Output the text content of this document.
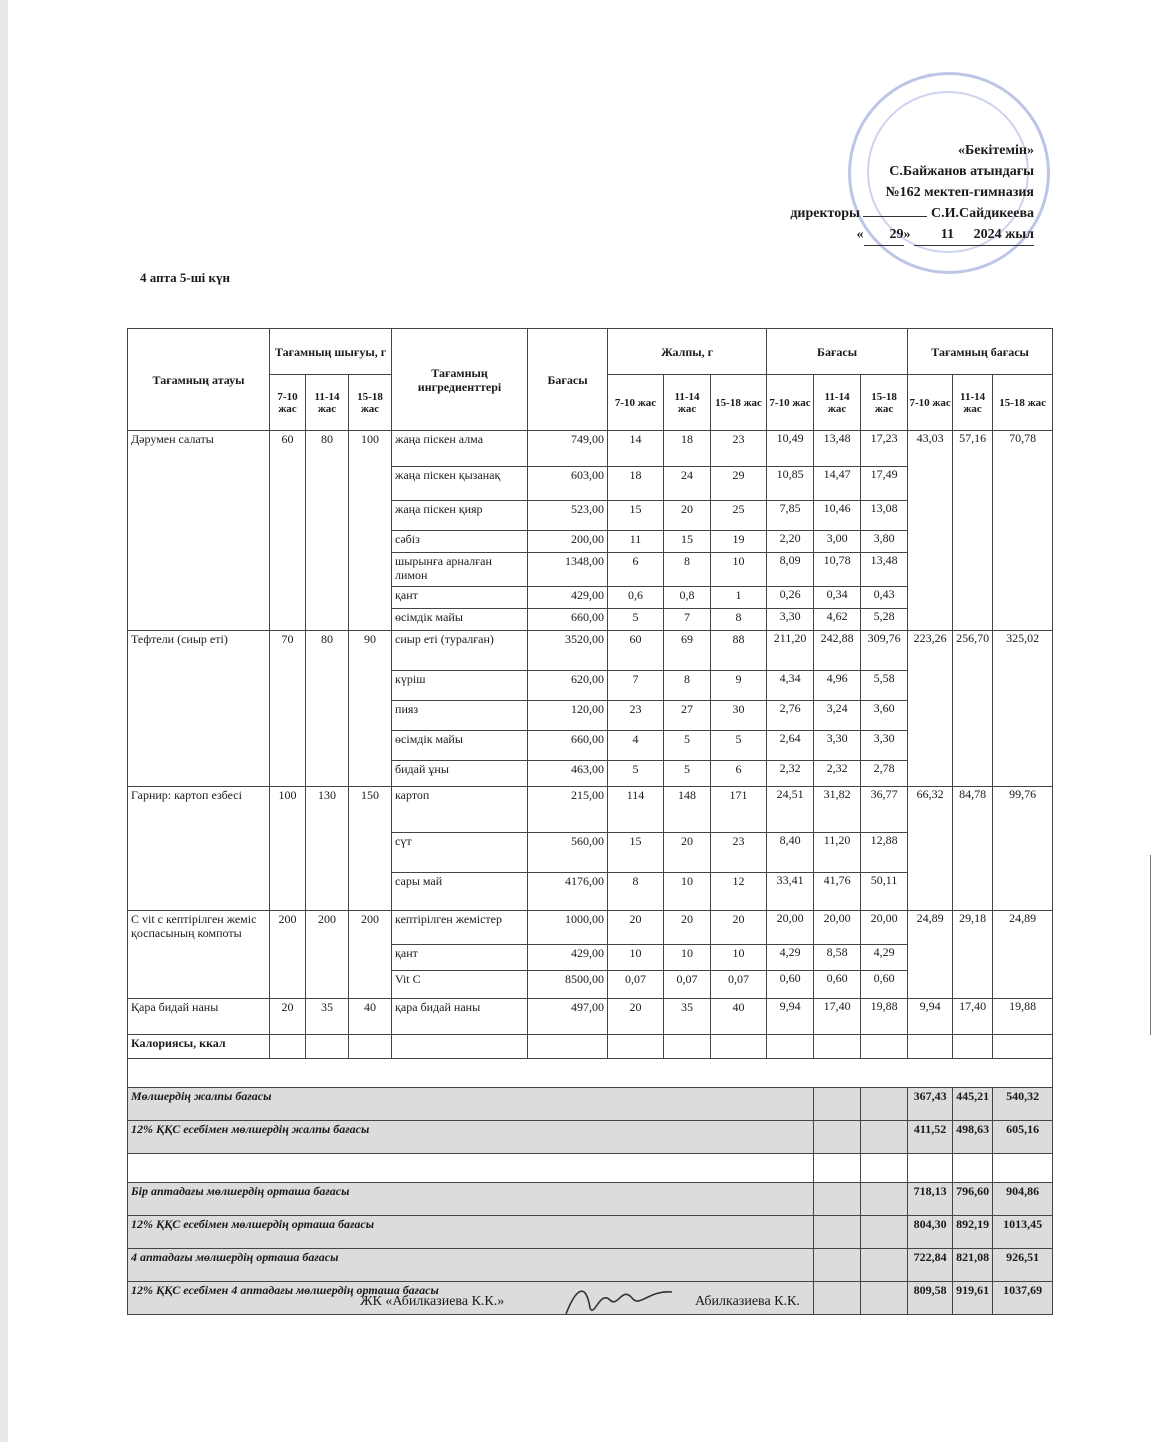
«Бекітемін»
С.Байжанов атындағы
№162 мектеп-гимназия
директоры	С.И.Сайдикеева
« 29» 11 2024 жыл
4 апта 5-ші күн
Тағамның атауы	Тағамның шығуы, г			Тағамның ингредиенттері	Бағасы	Жалпы, г			Бағасы			Тағамның бағасы		
	7-10 жас	11-14 жас	15-18 жас			7-10 жас	11-14 жас	15-18 жас	7-10 жас	11-14 жас	15-18 жас	7-10 жас	11-14 жас	15-18 жас
Дәрумен салаты	60	80	100	жаңа піскен алма	749,00	14	18	23	10,49	13,48	17,23	43,03	57,16	70,78
				жаңа піскен қызанақ	603,00	18	24	29	10,85	14,47	17,49			
				жаңа піскен қияр	523,00	15	20	25	7,85	10,46	13,08			
				сәбіз	200,00	11	15	19	2,20	3,00	3,80			
				шырынға арналған лимон	1348,00	6	8	10	8,09	10,78	13,48			
				қант	429,00	0,6	0,8	1	0,26	0,34	0,43			
				өсімдік майы	660,00	5	7	8	3,30	4,62	5,28			
Тефтели (сиыр еті)	70	80	90	сиыр еті (туралған)	3520,00	60	69	88	211,20	242,88	309,76	223,26	256,70	325,02
				күріш	620,00	7	8	9	4,34	4,96	5,58			
				пияз	120,00	23	27	30	2,76	3,24	3,60			
				өсімдік майы	660,00	4	5	5	2,64	3,30	3,30			
				бидай ұны	463,00	5	5	6	2,32	2,32	2,78			
Гарнир: картоп езбесі	100	130	150	картоп	215,00	114	148	171	24,51	31,82	36,77	66,32	84,78	99,76
				сүт	560,00	15	20	23	8,40	11,20	12,88			
				сары май	4176,00	8	10	12	33,41	41,76	50,11			
С vit с кептірілген жеміс қоспасының компоты	200	200	200	кептірілген жемістер	1000,00	20	20	20	20,00	20,00	20,00	24,89	29,18	24,89
				қант	429,00	10	10	10	4,29	8,58	4,29			
				Vit C	8500,00	0,07	0,07	0,07	0,60	0,60	0,60			
Қара бидай наны	20	35	40	қара бидай наны	497,00	20	35	40	9,94	17,40	19,88	9,94	17,40	19,88
Калориясы, ккал														

Мөлшердің жалпы бағасы												367,43	445,21	540,32
12% ҚҚС есебімен мөлшердің жалпы бағасы												411,52	498,63	605,16

Бір аптадағы мөлшердің орташа бағасы												718,13	796,60	904,86
12% ҚҚС есебімен мөлшердің орташа бағасы												804,30	892,19	1013,45
4 аптадағы мөлшердің орташа бағасы												722,84	821,08	926,51
12% ҚҚС есебімен 4 аптадағы мөлшердің орташа бағасы												809,58	919,61	1037,69
ЖК «Абилказиева К.К.»	Абилказиева К.К.
